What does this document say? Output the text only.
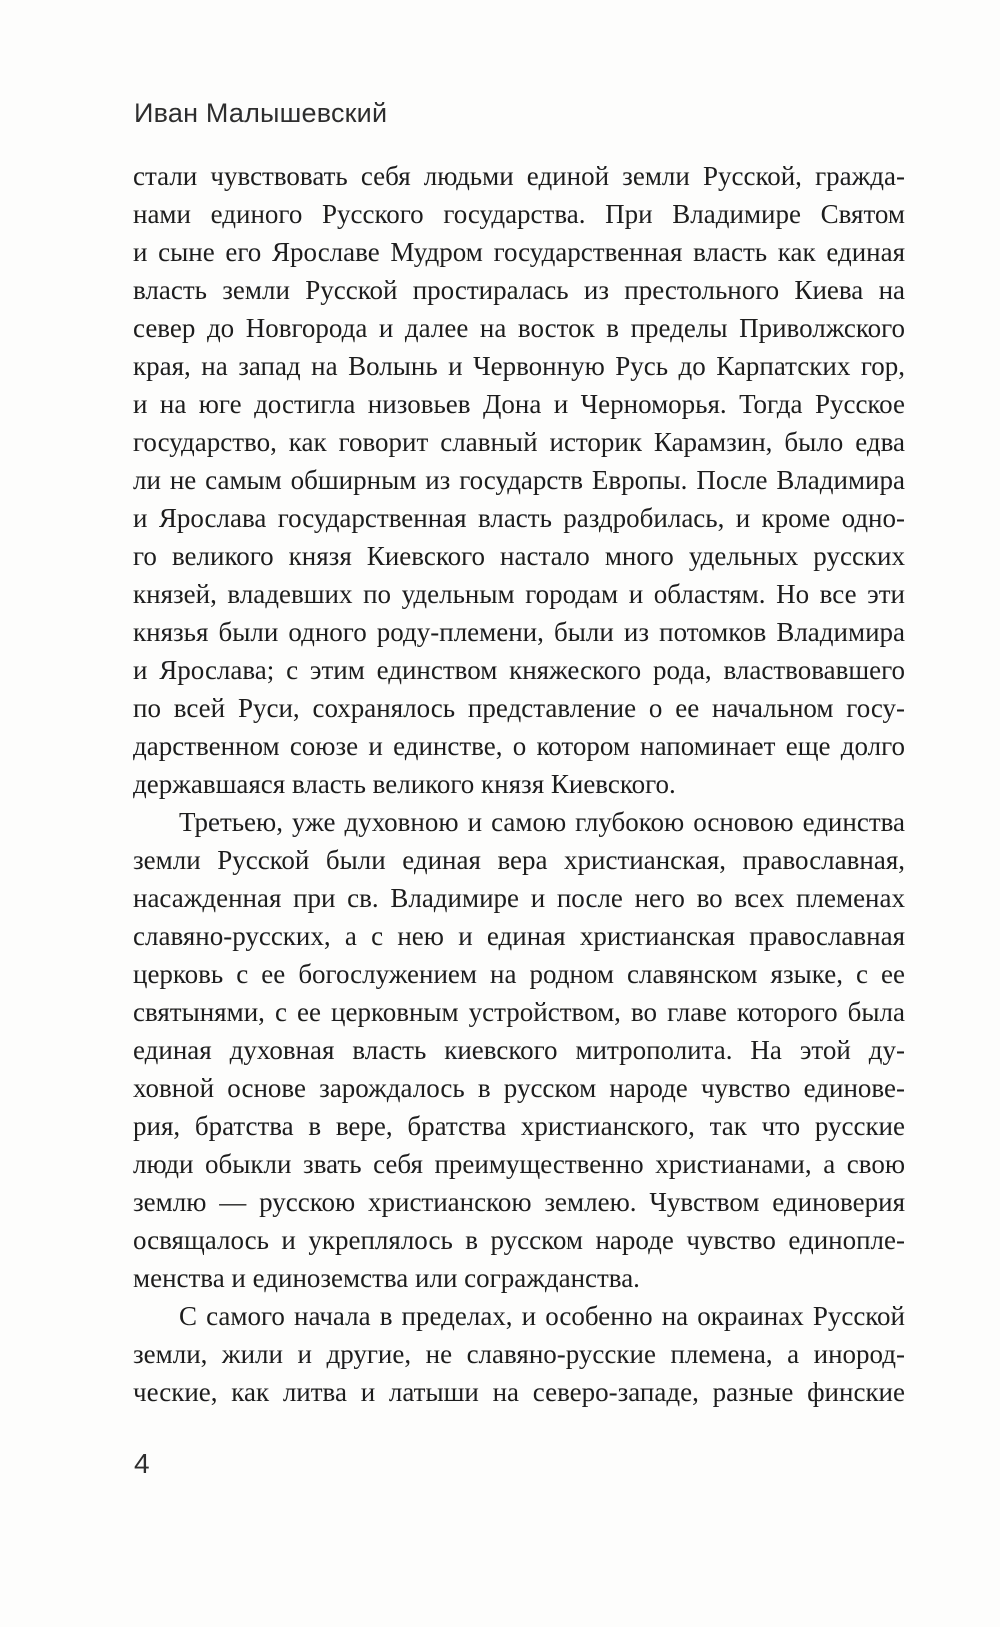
Иван Малышевский
стали чувствовать себя людьми единой земли Русской, гражда-
нами единого Русского государства. При Владимире Святом
и сыне его Ярославе Мудром государственная власть как единая
власть земли Русской простиралась из престольного Киева на
север до Новгорода и далее на восток в пределы Приволжского
края, на запад на Волынь и Червонную Русь до Карпатских гор,
и на юге достигла низовьев Дона и Черноморья. Тогда Русское
государство, как говорит славный историк Карамзин, было едва
ли не самым обширным из государств Европы. После Владимира
и Ярослава государственная власть раздробилась, и кроме одно-
го великого князя Киевского настало много удельных русских
князей, владевших по удельным городам и областям. Но все эти
князья были одного роду-племени, были из потомков Владимира
и Ярослава; с этим единством княжеского рода, властвовавшего
по всей Руси, сохранялось представление о ее начальном госу-
дарственном союзе и единстве, о котором напоминает еще долго
державшаяся власть великого князя Киевского.
Третьею, уже духовною и самою глубокою основою единства
земли Русской были единая вера христианская, православная,
насажденная при св. Владимире и после него во всех племенах
славяно-русских, а с нею и единая христианская православная
церковь с ее богослужением на родном славянском языке, с ее
святынями, с ее церковным устройством, во главе которого была
единая духовная власть киевского митрополита. На этой ду-
ховной основе зарождалось в русском народе чувство единове-
рия, братства в вере, братства христианского, так что русские
люди обыкли звать себя преимущественно христианами, а свою
землю — русскою христианскою землею. Чувством единоверия
освящалось и укреплялось в русском народе чувство единопле-
менства и единоземства или согражданства.
С самого начала в пределах, и особенно на окраинах Русской
земли, жили и другие, не славяно-русские племена, а инород-
ческие, как литва и латыши на северо-западе, разные финские
4
